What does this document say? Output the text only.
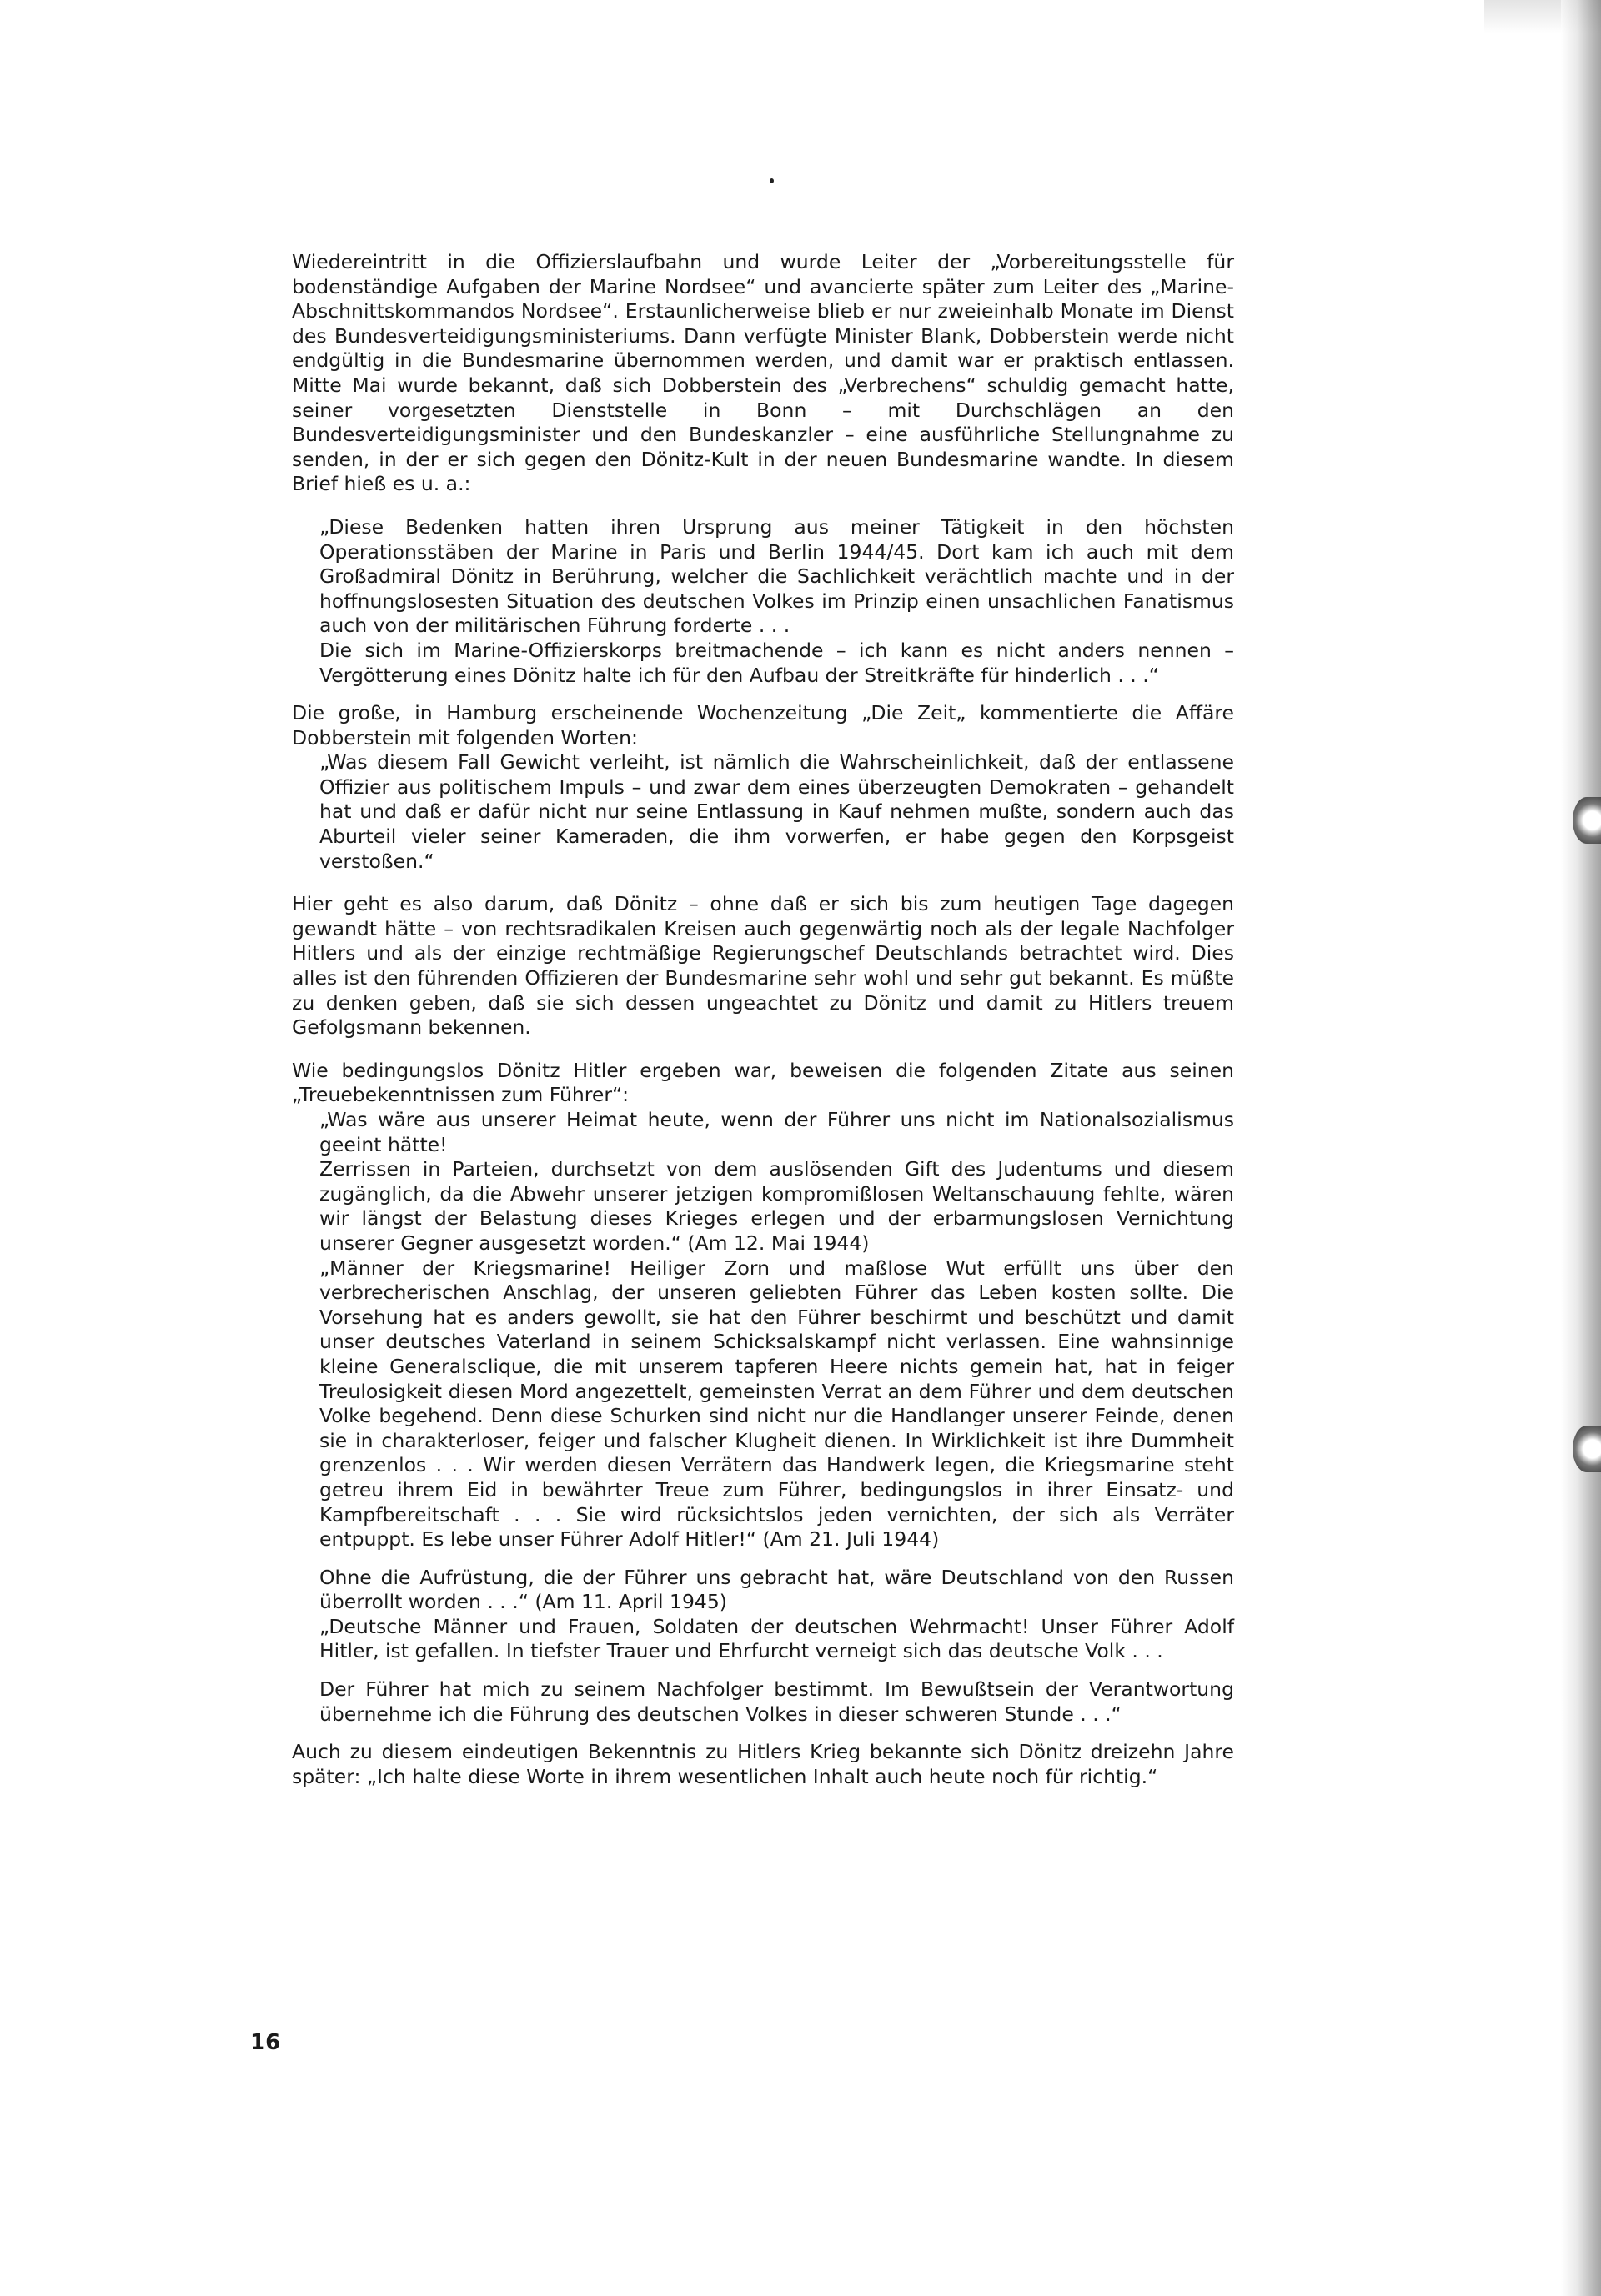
Wiedereintritt in die Offizierslaufbahn und wurde Leiter der „Vorbereitungsstelle für bodenständige Aufgaben der Marine Nordsee“ und avancierte später zum Leiter des „Marine-Abschnittskommandos Nordsee“. Erstaunlicherweise blieb er nur zweieinhalb Monate im Dienst des Bundesverteidigungsministeriums. Dann verfügte Minister Blank, Dobberstein werde nicht endgültig in die Bundesmarine übernommen werden, und damit war er praktisch entlassen. Mitte Mai wurde bekannt, daß sich Dobberstein des „Verbrechens“ schuldig gemacht hatte, seiner vorgesetzten Dienststelle in Bonn – mit Durchschlägen an den Bundesverteidigungsminister und den Bundeskanzler – eine ausführliche Stellungnahme zu senden, in der er sich gegen den Dönitz-Kult in der neuen Bundesmarine wandte. In diesem Brief hieß es u. a.:

„Diese Bedenken hatten ihren Ursprung aus meiner Tätigkeit in den höchsten Operationsstäben der Marine in Paris und Berlin 1944/45. Dort kam ich auch mit dem Großadmiral Dönitz in Berührung, welcher die Sachlichkeit verächtlich machte und in der hoffnungslosesten Situation des deutschen Volkes im Prinzip einen unsachlichen Fanatismus auch von der militärischen Führung forderte . . .

Die sich im Marine-Offizierskorps breitmachende – ich kann es nicht anders nennen – Vergötterung eines Dönitz halte ich für den Aufbau der Streitkräfte für hinderlich . . .“

Die große, in Hamburg erscheinende Wochenzeitung „Die Zeit„ kommentierte die Affäre Dobberstein mit folgenden Worten:

„Was diesem Fall Gewicht verleiht, ist nämlich die Wahrscheinlichkeit, daß der entlassene Offizier aus politischem Impuls – und zwar dem eines überzeugten Demokraten – gehandelt hat und daß er dafür nicht nur seine Entlassung in Kauf nehmen mußte, sondern auch das Aburteil vieler seiner Kameraden, die ihm vorwerfen, er habe gegen den Korpsgeist verstoßen.“

Hier geht es also darum, daß Dönitz – ohne daß er sich bis zum heutigen Tage dagegen gewandt hätte – von rechtsradikalen Kreisen auch gegenwärtig noch als der legale Nachfolger Hitlers und als der einzige rechtmäßige Regierungschef Deutschlands betrachtet wird. Dies alles ist den führenden Offizieren der Bundesmarine sehr wohl und sehr gut bekannt. Es müßte zu denken geben, daß sie sich dessen ungeachtet zu Dönitz und damit zu Hitlers treuem Gefolgsmann bekennen.

Wie bedingungslos Dönitz Hitler ergeben war, beweisen die folgenden Zitate aus seinen „Treuebekenntnissen zum Führer“:

„Was wäre aus unserer Heimat heute, wenn der Führer uns nicht im Nationalsozialismus geeint hätte!

Zerrissen in Parteien, durchsetzt von dem auslösenden Gift des Judentums und diesem zugänglich, da die Abwehr unserer jetzigen kompromißlosen Weltanschauung fehlte, wären wir längst der Belastung dieses Krieges erlegen und der erbarmungslosen Vernichtung unserer Gegner ausgesetzt worden.“ (Am 12. Mai 1944)

„Männer der Kriegsmarine! Heiliger Zorn und maßlose Wut erfüllt uns über den verbrecherischen Anschlag, der unseren geliebten Führer das Leben kosten sollte. Die Vorsehung hat es anders gewollt, sie hat den Führer beschirmt und beschützt und damit unser deutsches Vaterland in seinem Schicksalskampf nicht verlassen. Eine wahnsinnige kleine Generalsclique, die mit unserem tapferen Heere nichts gemein hat, hat in feiger Treulosigkeit diesen Mord angezettelt, gemeinsten Verrat an dem Führer und dem deutschen Volke begehend. Denn diese Schurken sind nicht nur die Handlanger unserer Feinde, denen sie in charakterloser, feiger und falscher Klugheit dienen. In Wirklichkeit ist ihre Dummheit grenzenlos . . . Wir werden diesen Verrätern das Handwerk legen, die Kriegsmarine steht getreu ihrem Eid in bewährter Treue zum Führer, bedingungslos in ihrer Einsatz- und Kampfbereitschaft . . . Sie wird rücksichtslos jeden vernichten, der sich als Verräter entpuppt. Es lebe unser Führer Adolf Hitler!“ (Am 21. Juli 1944)

Ohne die Aufrüstung, die der Führer uns gebracht hat, wäre Deutschland von den Russen überrollt worden . . .“ (Am 11. April 1945)

„Deutsche Männer und Frauen, Soldaten der deutschen Wehrmacht! Unser Führer Adolf Hitler, ist gefallen. In tiefster Trauer und Ehrfurcht verneigt sich das deutsche Volk . . .

Der Führer hat mich zu seinem Nachfolger bestimmt. Im Bewußtsein der Verantwortung übernehme ich die Führung des deutschen Volkes in dieser schweren Stunde . . .“

Auch zu diesem eindeutigen Bekenntnis zu Hitlers Krieg bekannte sich Dönitz dreizehn Jahre später: „Ich halte diese Worte in ihrem wesentlichen Inhalt auch heute noch für richtig.“

16
